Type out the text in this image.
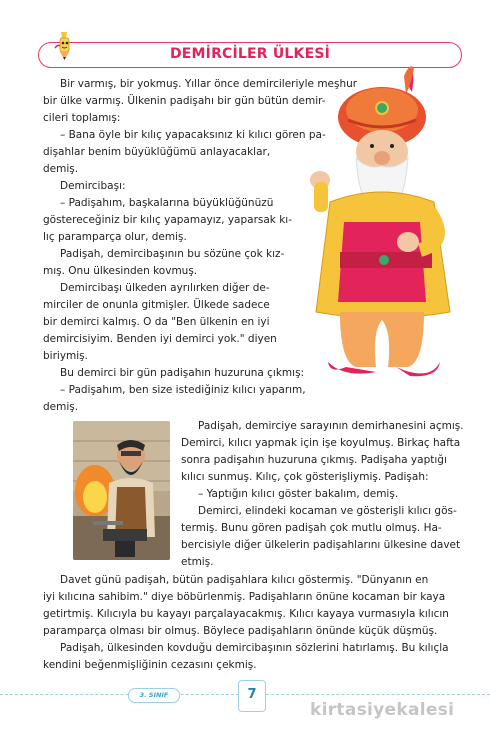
DEMİRCİLER ÜLKESİ
Bir varmış, bir yokmuş. Yıllar önce demircileriyle meşhur
bir ülke varmış. Ülkenin padişahı bir gün bütün demir-
cileri toplamış:
– Bana öyle bir kılıç yapacaksınız ki kılıcı gören pa-
dişahlar benim büyüklüğümü anlayacaklar,
demiş.
Demircibaşı:
– Padişahım, başkalarına büyüklüğünüzü
göstereceğiniz bir kılıç yapamayız, yaparsak kı-
lıç paramparça olur, demiş.
Padişah, demircibaşının bu sözüne çok kız-
mış. Onu ülkesinden kovmuş.
Demircibaşı ülkeden ayrılırken diğer de-
mirciler de onunla gitmişler. Ülkede sadece
bir demirci kalmış. O da "Ben ülkenin en iyi
demircisiyim. Benden iyi demirci yok." diyen
biriymiş.
Bu demirci bir gün padişahın huzuruna çıkmış:
– Padişahım, ben size istediğiniz kılıcı yaparım,
demiş.
Padişah, demirciye sarayının demirhanesini açmış.
Demirci, kılıcı yapmak için işe koyulmuş. Birkaç hafta
sonra padişahın huzuruna çıkmış. Padişaha yaptığı
kılıcı sunmuş. Kılıç, çok gösterişliymiş. Padişah:
– Yaptığın kılıcı göster bakalım, demiş.
Demirci, elindeki kocaman ve gösterişli kılıcı gös-
termiş. Bunu gören padişah çok mutlu olmuş. Ha-
bercisiyle diğer ülkelerin padişahlarını ülkesine davet
etmiş.
Davet günü padişah, bütün padişahlara kılıcı göstermiş. "Dünyanın en
iyi kılıcına sahibim." diye böbürlenmiş. Padişahların önüne kocaman bir kaya
getirtmiş. Kılıcıyla bu kayayı parçalayacakmış. Kılıcı kayaya vurmasıyla kılıcın
paramparça olması bir olmuş. Böylece padişahların önünde küçük düşmüş.
Padişah, ülkesinden kovduğu demircibaşının sözlerini hatırlamış. Bu kılıçla
kendini beğenmişliğinin cezasını çekmiş.
3. SINIF	7
kirtasiyekalesi
